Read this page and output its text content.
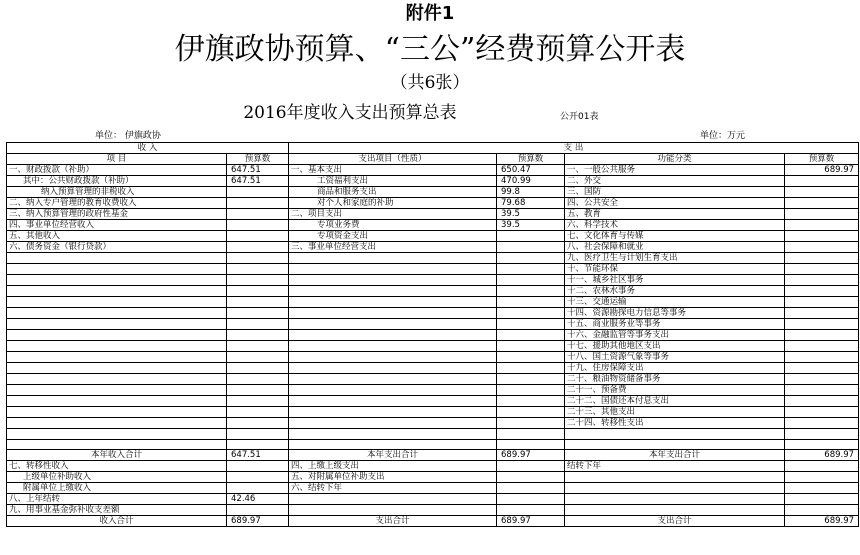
附件1
伊旗政协预算、“三公”经费预算公开表
（共6张）
2016年度收入支出预算总表	公开01表
单位： 伊旗政协	单位：万元
收 入		支 出			
项 目	预算数	支出项目（性质）	预算数	功能分类	预算数
一、财政拨款（补助）	647.51	一、基本支出	650.47	一、一般公共服务	689.97
其中：公共财政拨款（补助）	647.51	工资福利支出	470.99	二、外交	
纳入预算管理的非税收入		商品和服务支出	99.8	三、国防	
二、纳入专户管理的教育收费收入		对个人和家庭的补助	79.68	四、公共安全	
三、纳入预算管理的政府性基金		二、项目支出	39.5	五、教育	
四、事业单位经营收入		专项业务费	39.5	六、科学技术	
五、其他收入		专项资金支出		七、文化体育与传媒	
六、债务资金（银行贷款）		三、事业单位经营支出		八、社会保障和就业	
				九、医疗卫生与计划生育支出	
				十、节能环保	
				十一、城乡社区事务	
				十二、农林水事务	
				十三、交通运输	
				十四、资源勘探电力信息等事务	
				十五、商业服务业等事务	
				十六、金融监管等事务支出	
				十七、援助其他地区支出	
				十八、国土资源气象等事务	
				十九、住房保障支出	
				二十、粮油物资储备事务	
				二十一、预备费	
				二十二、国债还本付息支出	
				二十三、其他支出	
				二十四、转移性支出	

本年收入合计	647.51	本年支出合计	689.97	本年支出合计	689.97
七、转移性收入		四、上缴上级支出		结转下年	
上级单位补助收入		五、对附属单位补助支出			
附属单位上缴收入		六、结转下年			
八、上年结转	42.46				
九、用事业基金弥补收支差额					
收入合计	689.97	支出合计	689.97	支出合计	689.97
